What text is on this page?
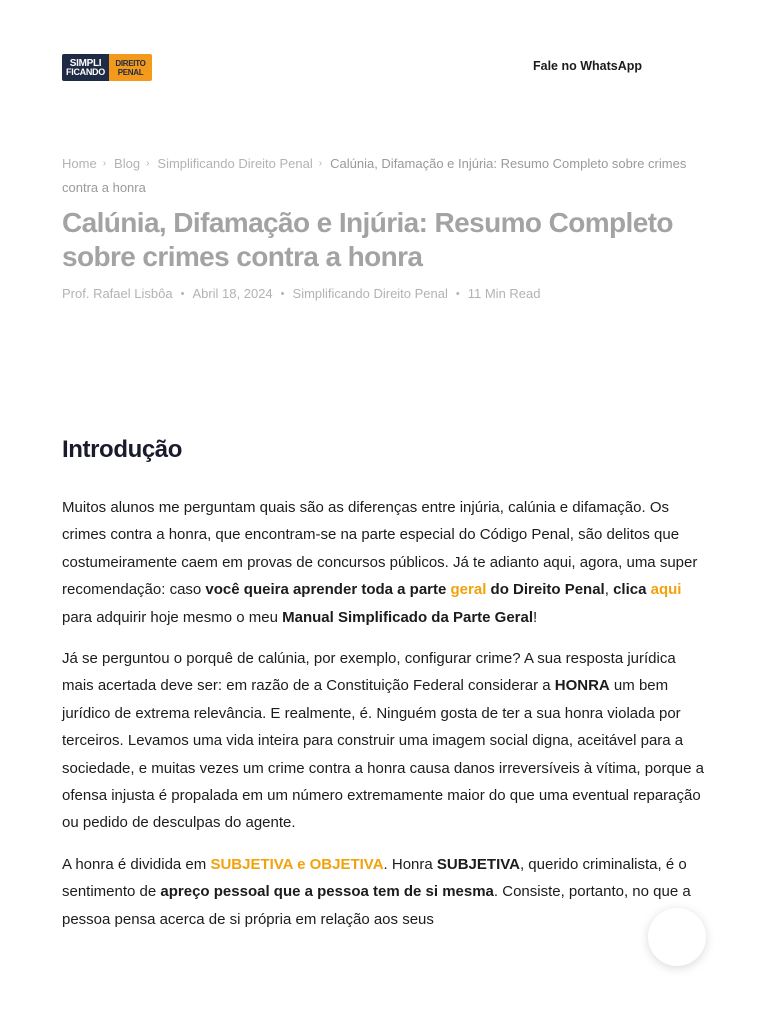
SIMPLI
FICANDO
DIREITO
PENAL	Fale no WhatsApp
Home › Blog › Simplificando Direito Penal › Calúnia, Difamação e Injúria: Resumo Completo sobre crimes contra a honra
Calúnia, Difamação e Injúria: Resumo Completo sobre crimes contra a honra
Prof. Rafael Lisbôa • Abril 18, 2024 • Simplificando Direito Penal • 11 Min Read
Introdução

Muitos alunos me perguntam quais são as diferenças entre injúria, calúnia e difamação. Os crimes contra a honra, que encontram-se na parte especial do Código Penal, são delitos que costumeiramente caem em provas de concursos públicos. Já te adianto aqui, agora, uma super recomendação: caso você queira aprender toda a parte geral do Direito Penal, clica aqui para adquirir hoje mesmo o meu Manual Simplificado da Parte Geral!

Já se perguntou o porquê de calúnia, por exemplo, configurar crime? A sua resposta jurídica mais acertada deve ser: em razão de a Constituição Federal considerar a HONRA um bem jurídico de extrema relevância. E realmente, é. Ninguém gosta de ter a sua honra violada por terceiros. Levamos uma vida inteira para construir uma imagem social digna, aceitável para a sociedade, e muitas vezes um crime contra a honra causa danos irreversíveis à vítima, porque a ofensa injusta é propalada em um número extremamente maior do que uma eventual reparação ou pedido de desculpas do agente.

A honra é dividida em SUBJETIVA e OBJETIVA. Honra SUBJETIVA, querido criminalista, é o sentimento de apreço pessoal que a pessoa tem de si mesma. Consiste, portanto, no que a pessoa pensa acerca de si própria em relação aos seus
